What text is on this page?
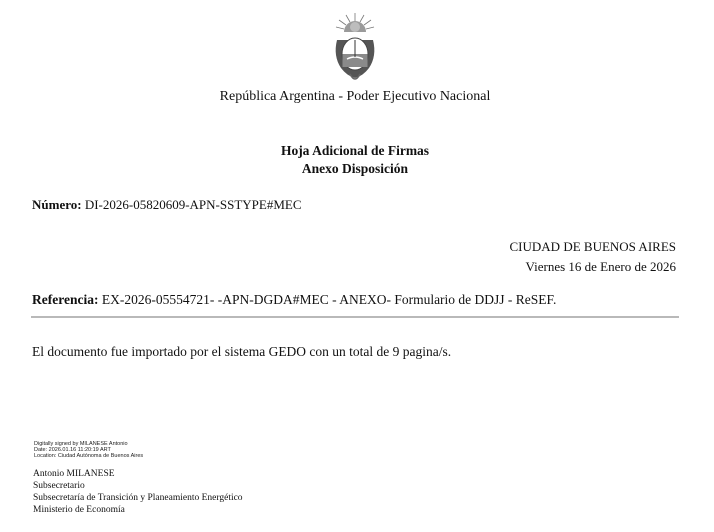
República Argentina - Poder Ejecutivo Nacional
Hoja Adicional de Firmas
Anexo Disposición
Número: DI-2026-05820609-APN-SSTYPE#MEC
CIUDAD DE BUENOS AIRES
Viernes 16 de Enero de 2026
Referencia: EX-2026-05554721- -APN-DGDA#MEC - ANEXO- Formulario de DDJJ - ReSEF.
El documento fue importado por el sistema GEDO con un total de 9 pagina/s.
Digitally signed by MILANESE Antonio
Date: 2026.01.16 11:20:19 ART
Location: Ciudad Autónoma de Buenos Aires
Antonio MILANESE
Subsecretario
Subsecretaría de Transición y Planeamiento Energético
Ministerio de Economía
